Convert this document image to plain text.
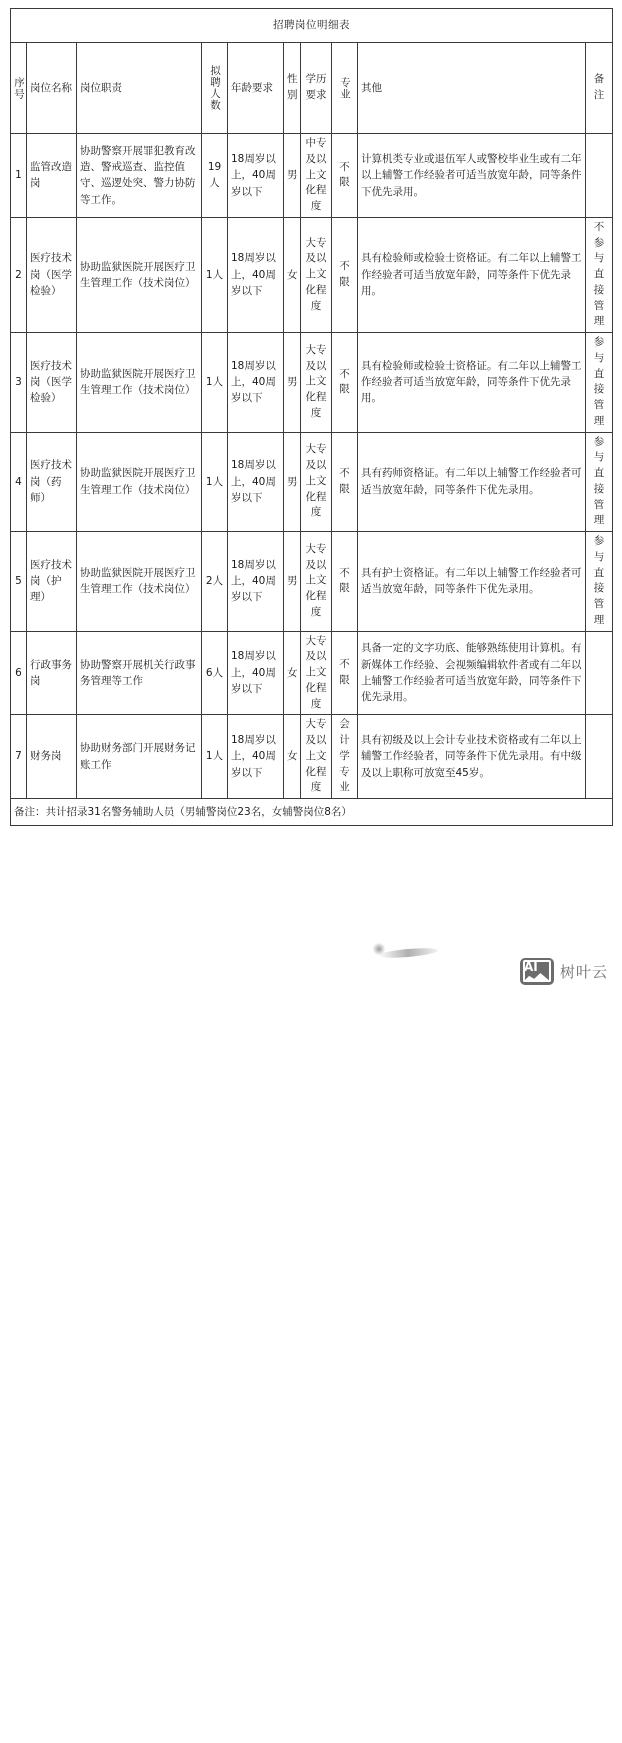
招聘岗位明细表									

序号	岗位名称	岗位职责	拟聘人数	年龄要求	性别	学历要求	专业	其他	备注

1	监管改造岗	协助警察开展罪犯教育改造、警戒巡查、监控值守、巡逻处突、警力协防等工作。	19人	18周岁以上，40周岁以下	男	中专及以上文化程度	不限	计算机类专业或退伍军人或警校毕业生或有二年以上辅警工作经验者可适当放宽年龄，同等条件下优先录用。	

2	医疗技术岗（医学检验）	协助监狱医院开展医疗卫生管理工作（技术岗位）	1人	18周岁以上，40周岁以下	女	大专及以上文化程度	不限	具有检验师或检验士资格证。有二年以上辅警工作经验者可适当放宽年龄，同等条件下优先录用。	不参与直接管理

3	医疗技术岗（医学检验）	协助监狱医院开展医疗卫生管理工作（技术岗位）	1人	18周岁以上，40周岁以下	男	大专及以上文化程度	不限	具有检验师或检验士资格证。有二年以上辅警工作经验者可适当放宽年龄，同等条件下优先录用。	参与直接管理

4	医疗技术岗（药师）	协助监狱医院开展医疗卫生管理工作（技术岗位）	1人	18周岁以上，40周岁以下	男	大专及以上文化程度	不限	具有药师资格证。有二年以上辅警工作经验者可适当放宽年龄，同等条件下优先录用。	参与直接管理

5	医疗技术岗（护理）	协助监狱医院开展医疗卫生管理工作（技术岗位）	2人	18周岁以上，40周岁以下	男	大专及以上文化程度	不限	具有护士资格证。有二年以上辅警工作经验者可适当放宽年龄，同等条件下优先录用。	参与直接管理

6	行政事务岗	协助警察开展机关行政事务管理等工作	6人	18周岁以上，40周岁以下	女	大专及以上文化程度	不限	具备一定的文字功底、能够熟练使用计算机。有新媒体工作经验、会视频编辑软件者或有二年以上辅警工作经验者可适当放宽年龄，同等条件下优先录用。	

7	财务岗	协助财务部门开展财务记账工作	1人	18周岁以上，40周岁以下	女	大专及以上文化程度	会计学专业	具有初级及以上会计专业技术资格或有二年以上辅警工作经验者，同等条件下优先录用。有中级及以上职称可放宽至45岁。	

备注：共计招录31名警务辅助人员（男辅警岗位23名，女辅警岗位8名）									
AI 树叶云
